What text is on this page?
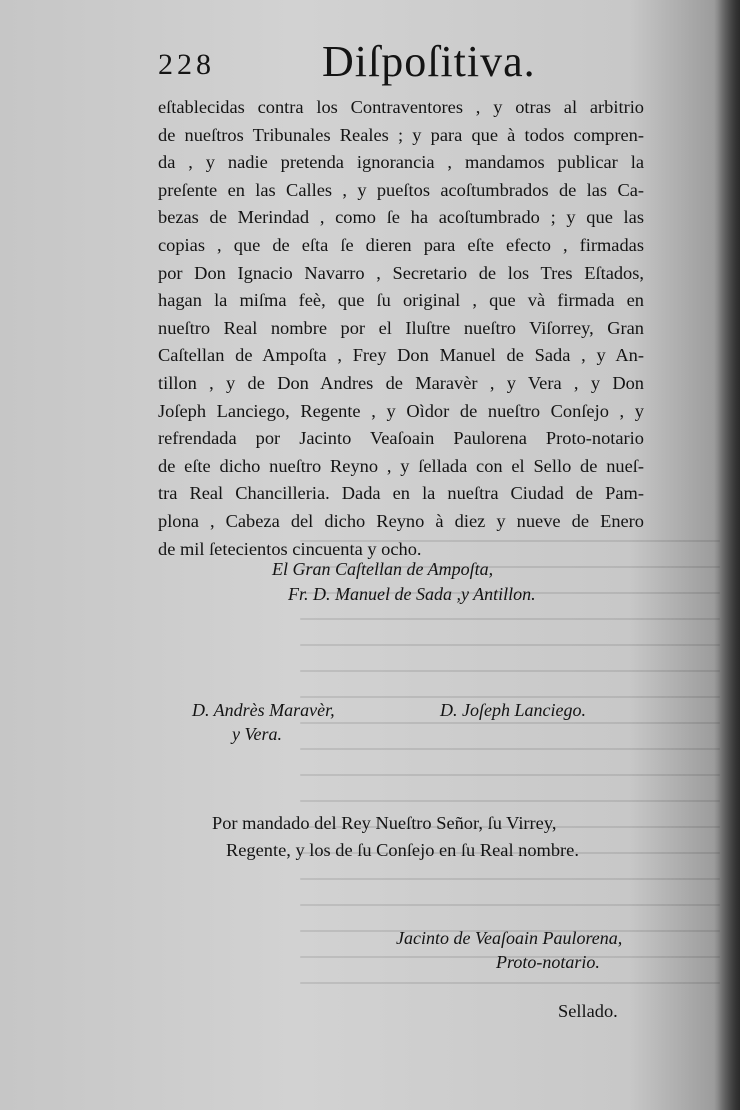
228 Diſpoſitiva.
eſtablecidas contra los Contraventores , y otras al arbitrio
de nueſtros Tribunales Reales ; y para que à todos compren-
da , y nadie pretenda ignorancia , mandamos publicar la
preſente en las Calles , y pueſtos acoſtumbrados de las Ca-
bezas de Merindad , como ſe ha acoſtumbrado ; y que las
copias , que de eſta ſe dieren para eſte efecto , firmadas
por Don Ignacio Navarro , Secretario de los Tres Eſtados,
hagan la miſma feè, que ſu original , que và firmada en
nueſtro Real nombre por el Iluſtre nueſtro Viſorrey, Gran
Caſtellan de Ampoſta , Frey Don Manuel de Sada , y An-
tillon , y de Don Andres de Maravèr , y Vera , y Don
Joſeph Lanciego, Regente , y Oìdor de nueſtro Conſejo , y
refrendada por Jacinto Veaſoain Paulorena Proto-notario
de eſte dicho nueſtro Reyno , y ſellada con el Sello de nueſ-
tra Real Chancilleria. Dada en la nueſtra Ciudad de Pam-
plona , Cabeza del dicho Reyno à diez y nueve de Enero
de mil ſetecientos cincuenta y ocho.
El Gran Caſtellan de Ampoſta,
Fr. D. Manuel de Sada ,y Antillon.
D. Andrès Maravèr,
y Vera.
D. Joſeph Lanciego.
Por mandado del Rey Nueſtro Señor, ſu Virrey,
Regente, y los de ſu Conſejo en ſu Real nombre.
Jacinto de Veaſoain Paulorena,
Proto-notario.
Sellado.
